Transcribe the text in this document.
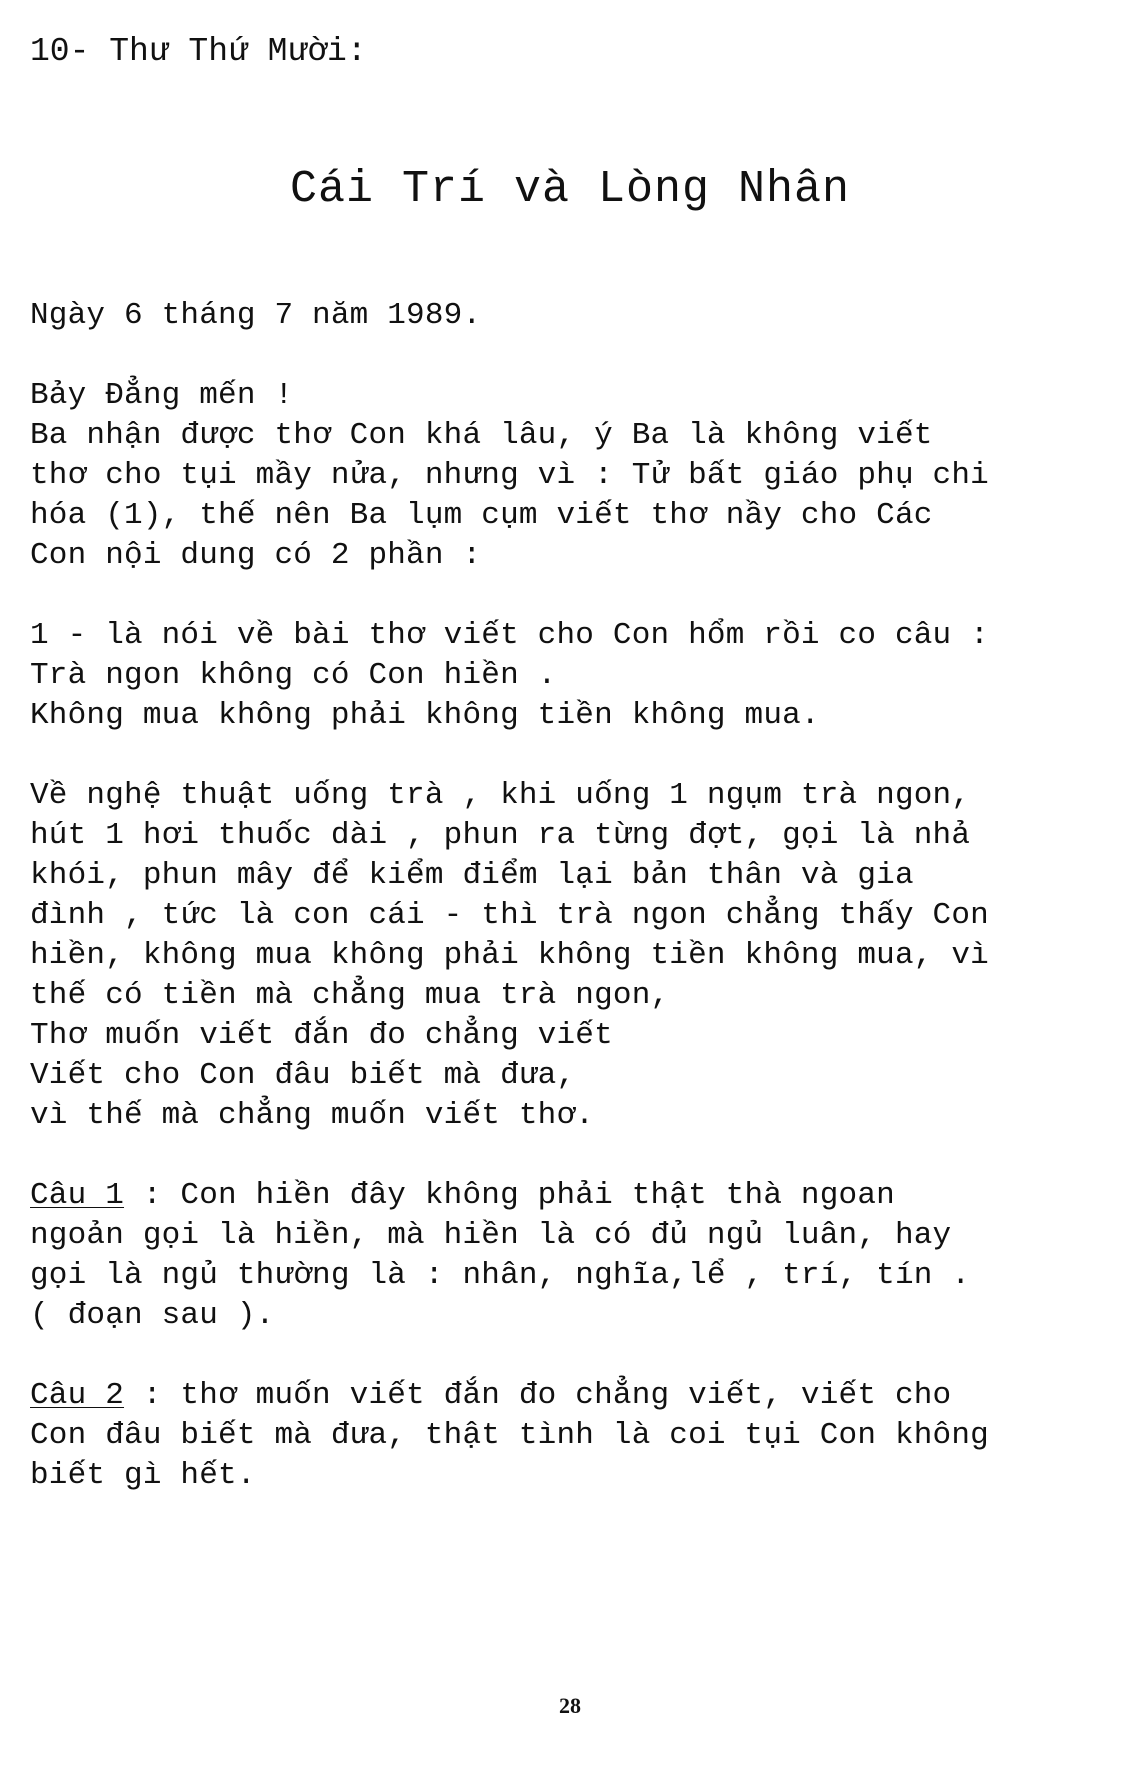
10- Thư Thứ Mười:
Cái Trí và Lòng Nhân
Ngày 6 tháng 7 năm 1989.
Bảy Đẳng mến !
Ba nhận được thơ Con khá lâu, ý Ba là không viết
thơ cho tụi mầy nửa, nhưng vì : Tử bất giáo phụ chi
hóa (1), thế nên Ba lụm cụm viết thơ nầy cho Các
Con nội dung có 2 phần :
1 - là nói về bài thơ viết cho Con hổm rồi co câu :
Trà ngon không có Con hiền .
Không mua không phải không tiền không mua.
Về nghệ thuật uống trà , khi uống 1 ngụm trà ngon,
hút 1 hơi thuốc dài , phun ra từng đợt, gọi là nhả
khói, phun mây để kiểm điểm lại bản thân và gia
đình , tức là con cái - thì trà ngon chẳng thấy Con
hiền, không mua không phải không tiền không mua, vì
thế có tiền mà chẳng mua trà ngon,
Thơ muốn viết đắn đo chẳng viết
Viết cho Con đâu biết mà đưa,
vì thế mà chẳng muốn viết thơ.
Câu 1 : Con hiền đây không phải thật thà ngoan
ngoản gọi là hiền, mà hiền là có đủ ngủ luân, hay
gọi là ngủ thường là : nhân, nghĩa,lể , trí, tín .
( đoạn sau ).
Câu 2 : thơ muốn viết đắn đo chẳng viết, viết cho
Con đâu biết mà đưa, thật tình là coi tụi Con không
biết gì hết.
28
